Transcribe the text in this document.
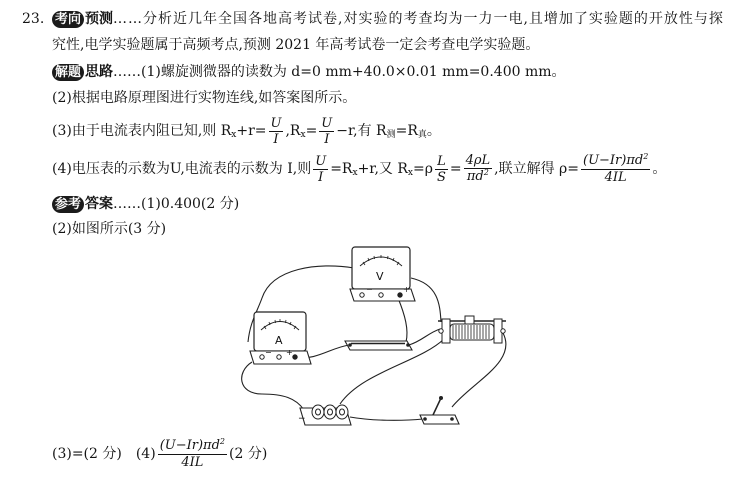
23. 考向 预测 ……分析近几年全国各地高考试卷,对实验的考查均为一力一电,且增加了实验题的开放性与探
究性,电学实验题属于高频考点,预测 2021 年高考试卷一定会考查电学实验题。
解题 思路 ……(1)螺旋测微器的读数为 d=0 mm+40.0×0.01 mm=0.400 mm。
(2)根据电路原理图进行实物连线,如答案图所示。
(3)由于电流表内阻已知,则 R $x +r= \frac{U}{I} ,R$ $x = \frac{U}{I} -r$,有 R 测 =R 真 。
(4)电压表的示数为U,电流表的示数为 I,则 $\frac{U}{I} =R$ x +r,又 R $x =\rho \frac{L}{S} = \frac{4\rho L}{\pi d^2}$ ,联立解得 $\rho= \frac{(U-Ir)\pi d^2}{4IL}$ 。
参考 答案 ……(1)0.400(2 分)
(2)如图所示(3 分)
V
−	+
A
− +
−
(3)=(2 分) $(4) \frac{(U-Ir)\pi d^2}{4IL} (2$ 分)
